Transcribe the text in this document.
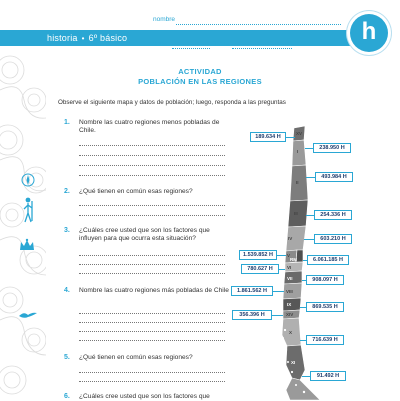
historia • 6º básico
nombre
curso	fecha	h
ACTIVIDAD
POBLACIÓN EN LAS REGIONES
Observe el siguiente mapa y datos de población; luego, responda a las preguntas
1. Nombre las cuatro regiones menos pobladas de Chile.
2. ¿Qué tienen en común esas regiones?
3. ¿Cuáles cree usted que son los factores que influyen para que ocurra esta situación?
4. Nombre las cuatro regiones más pobladas de Chile
5. ¿Qué tienen en común esas regiones?
6. ¿Cuáles cree usted que son los factores que
XV
I
II
III
IV
V
RM
VI
VII
VIII
IX
XIV
X
XI
189.634 H
238.950 H
493.984 H
254.336 H
603.210 H
1.539.852 H
6.061.185 H
780.627 H
908.097 H
1.861.562 H
869.535 H
356.396 H
716.639 H
91.492 H
